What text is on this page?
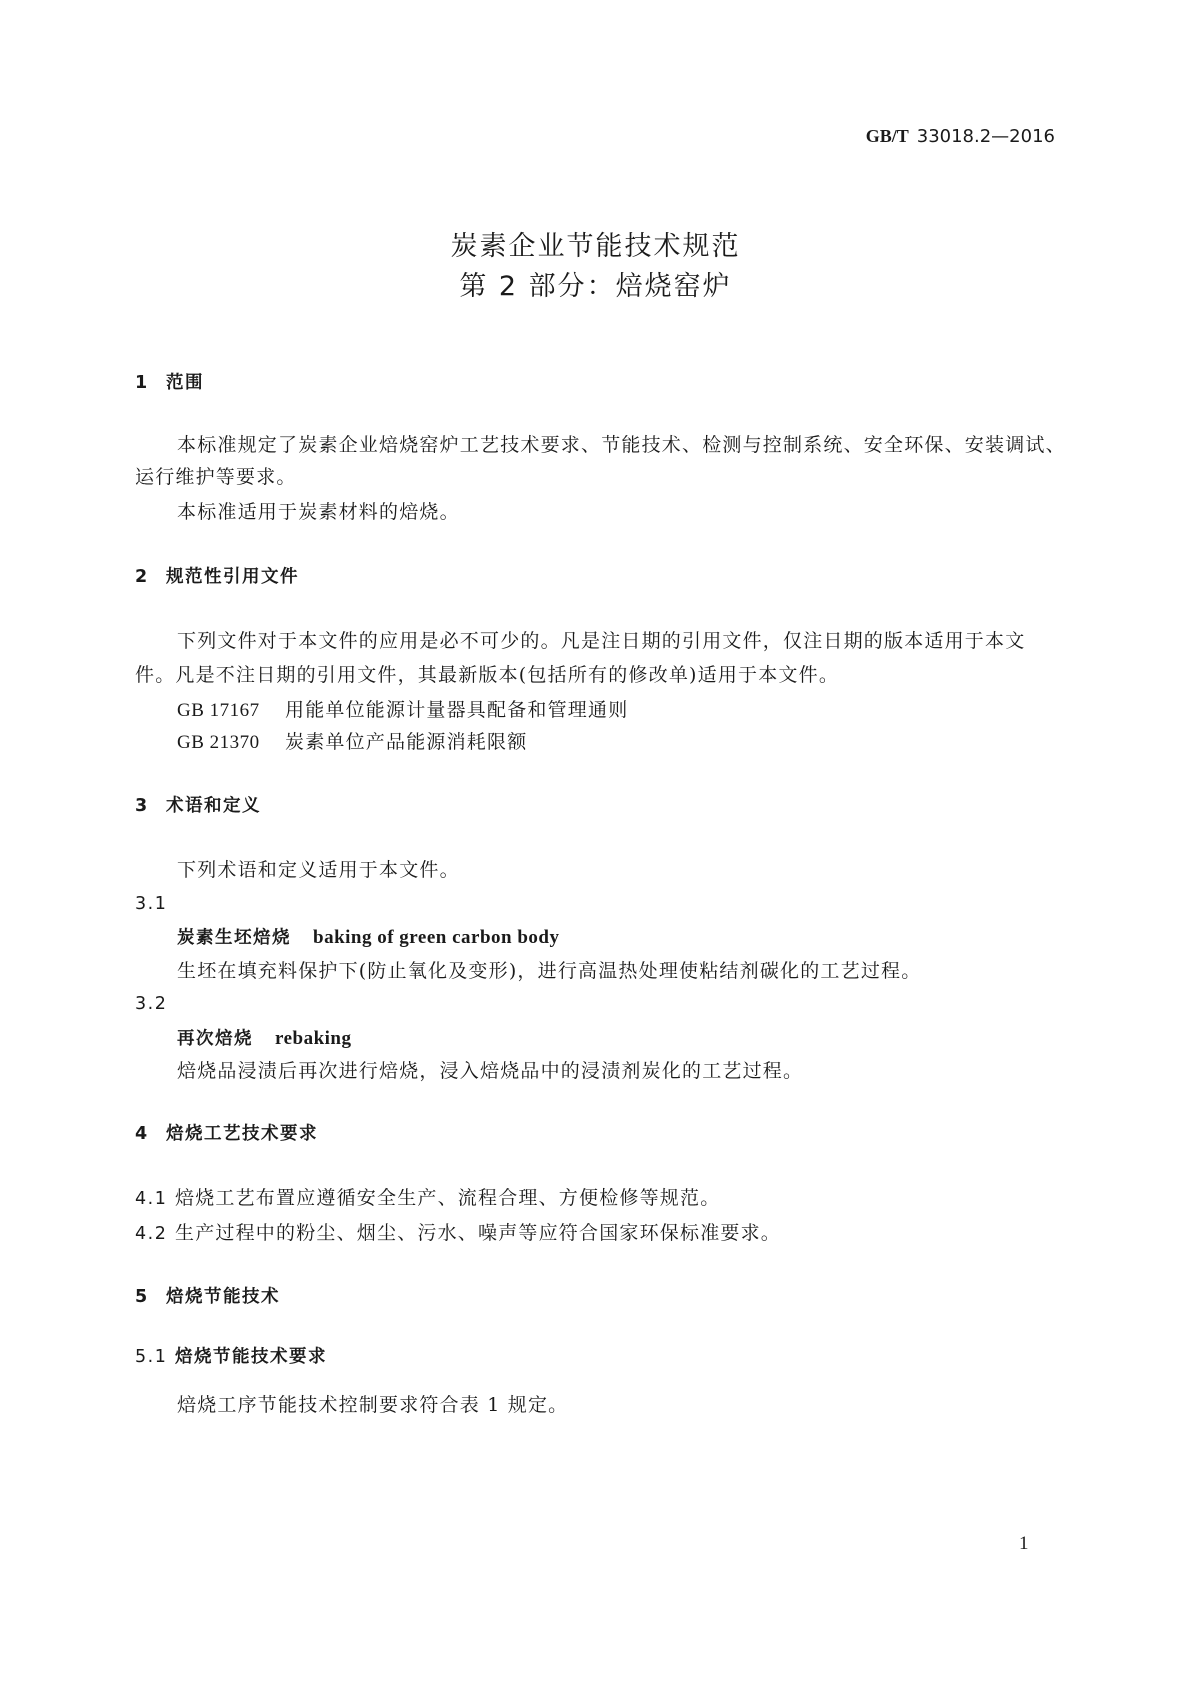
GB/T 33018.2—2016
炭素企业节能技术规范
第 2 部分：焙烧窑炉
1 范围
本标准规定了炭素企业焙烧窑炉工艺技术要求、节能技术、检测与控制系统、安全环保、安装调试、
运行维护等要求。
本标准适用于炭素材料的焙烧。
2 规范性引用文件
下列文件对于本文件的应用是必不可少的。凡是注日期的引用文件，仅注日期的版本适用于本文
件。凡是不注日期的引用文件，其最新版本(包括所有的修改单)适用于本文件。
GB 17167 用能单位能源计量器具配备和管理通则
GB 21370 炭素单位产品能源消耗限额
3 术语和定义
下列术语和定义适用于本文件。
3.1
炭素生坯焙烧 baking of green carbon body
生坯在填充料保护下(防止氧化及变形)，进行高温热处理使粘结剂碳化的工艺过程。
3.2
再次焙烧 rebaking
焙烧品浸渍后再次进行焙烧，浸入焙烧品中的浸渍剂炭化的工艺过程。
4 焙烧工艺技术要求
4.1 焙烧工艺布置应遵循安全生产、流程合理、方便检修等规范。
4.2 生产过程中的粉尘、烟尘、污水、噪声等应符合国家环保标准要求。
5 焙烧节能技术
5.1 焙烧节能技术要求
焙烧工序节能技术控制要求符合表 1 规定。
1
